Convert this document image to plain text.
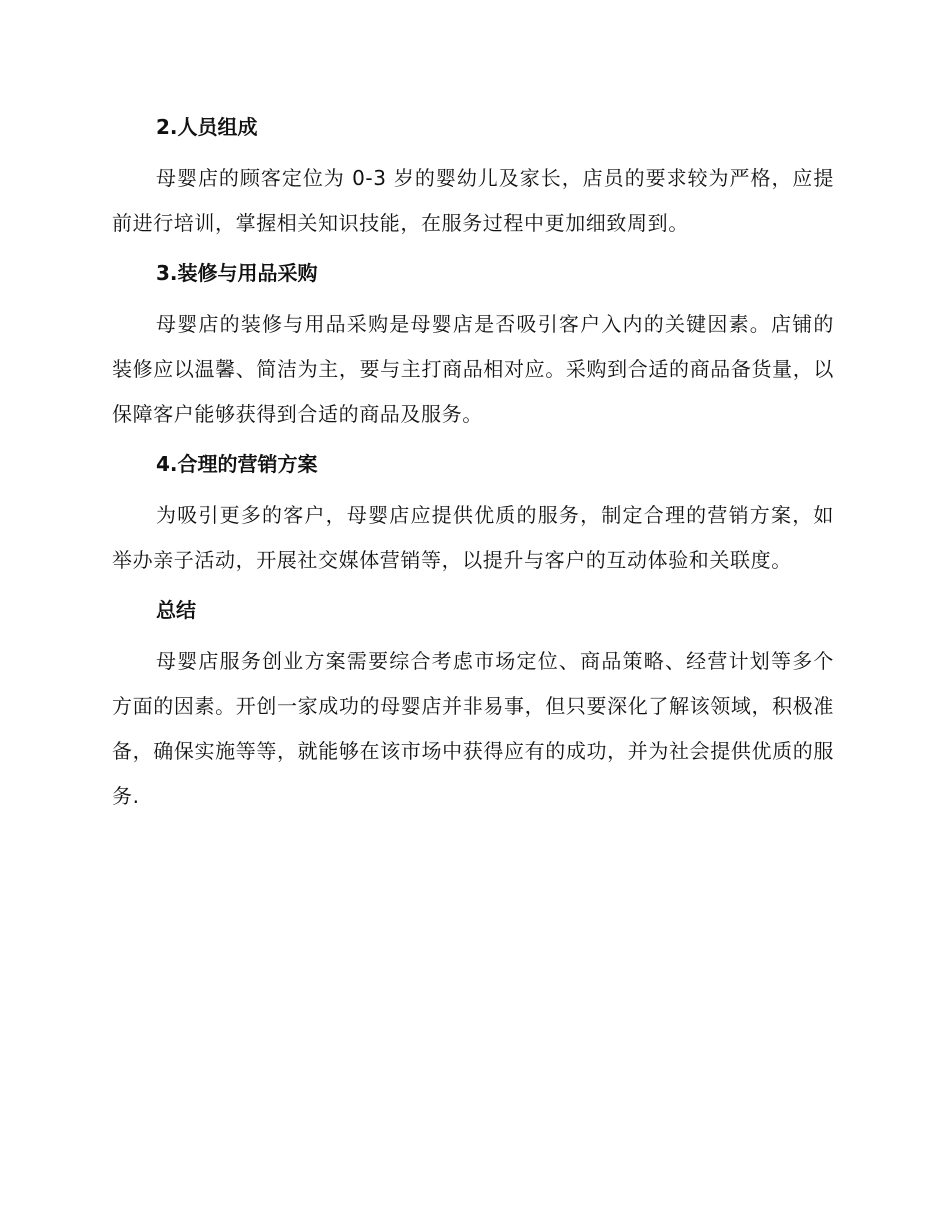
2.人员组成

母婴店的顾客定位为 0-3 岁的婴幼儿及家长，店员的要求较为严格，应提前进行培训，掌握相关知识技能，在服务过程中更加细致周到。

3.装修与用品采购

母婴店的装修与用品采购是母婴店是否吸引客户入内的关键因素。店铺的装修应以温馨、简洁为主，要与主打商品相对应。采购到合适的商品备货量，以保障客户能够获得到合适的商品及服务。

4.合理的营销方案

为吸引更多的客户，母婴店应提供优质的服务，制定合理的营销方案，如举办亲子活动，开展社交媒体营销等，以提升与客户的互动体验和关联度。

总结

母婴店服务创业方案需要综合考虑市场定位、商品策略、经营计划等多个方面的因素。开创一家成功的母婴店并非易事，但只要深化了解该领域，积极准备，确保实施等等，就能够在该市场中获得应有的成功，并为社会提供优质的服务.
